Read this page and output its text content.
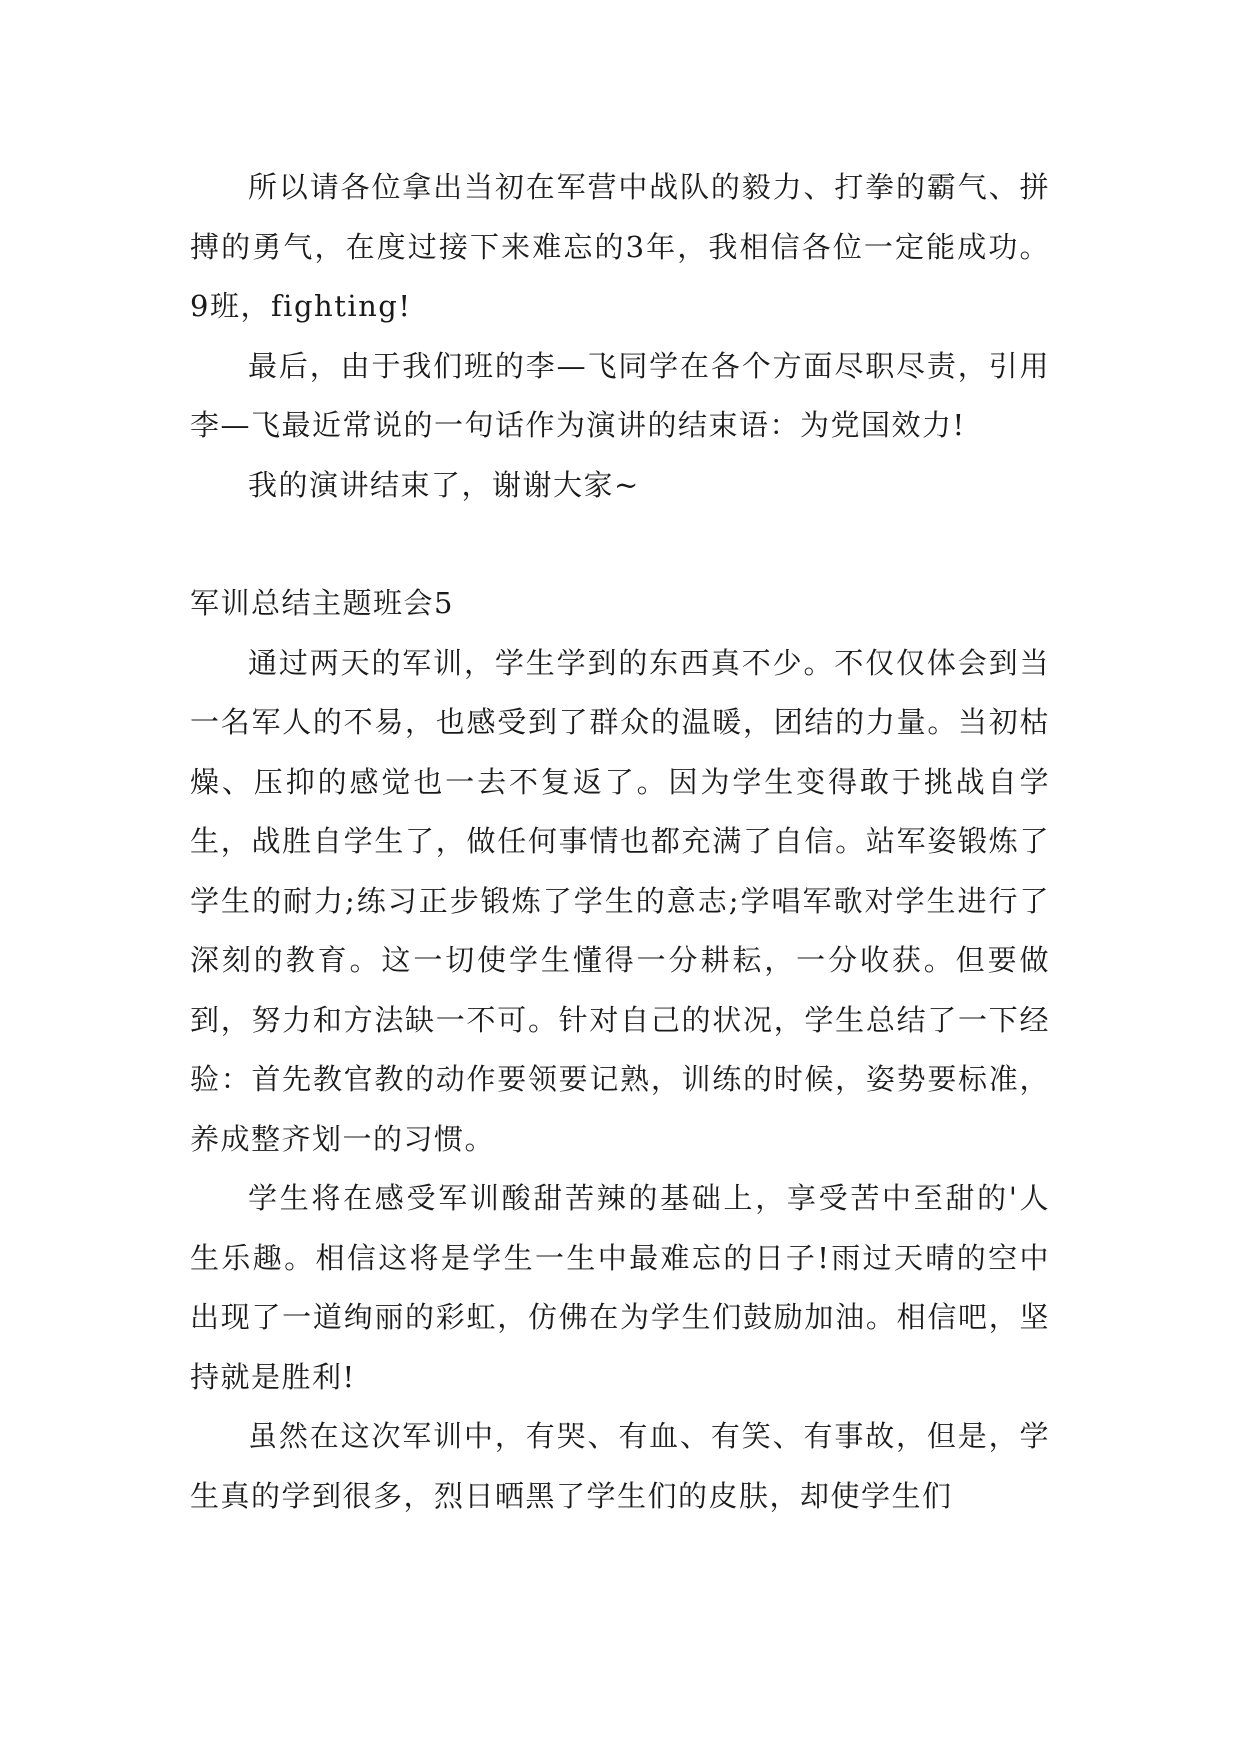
所以请各位拿出当初在军营中战队的毅力、打拳的霸气、拼搏的勇气，在度过接下来难忘的3年，我相信各位一定能成功。9班，fighting!

最后，由于我们班的李—飞同学在各个方面尽职尽责，引用李—飞最近常说的一句话作为演讲的结束语：为党国效力!

我的演讲结束了，谢谢大家~

军训总结主题班会5

通过两天的军训，学生学到的东西真不少。不仅仅体会到当一名军人的不易，也感受到了群众的温暖，团结的力量。当初枯燥、压抑的感觉也一去不复返了。因为学生变得敢于挑战自学生，战胜自学生了，做任何事情也都充满了自信。站军姿锻炼了学生的耐力;练习正步锻炼了学生的意志;学唱军歌对学生进行了深刻的教育。这一切使学生懂得一分耕耘，一分收获。但要做到，努力和方法缺一不可。针对自己的状况，学生总结了一下经验：首先教官教的动作要领要记熟，训练的时候，姿势要标准，养成整齐划一的习惯。

学生将在感受军训酸甜苦辣的基础上，享受苦中至甜的'人生乐趣。相信这将是学生一生中最难忘的日子!雨过天晴的空中出现了一道绚丽的彩虹，仿佛在为学生们鼓励加油。相信吧，坚持就是胜利!

虽然在这次军训中，有哭、有血、有笑、有事故，但是，学生真的学到很多，烈日晒黑了学生们的皮肤，却使学生们
